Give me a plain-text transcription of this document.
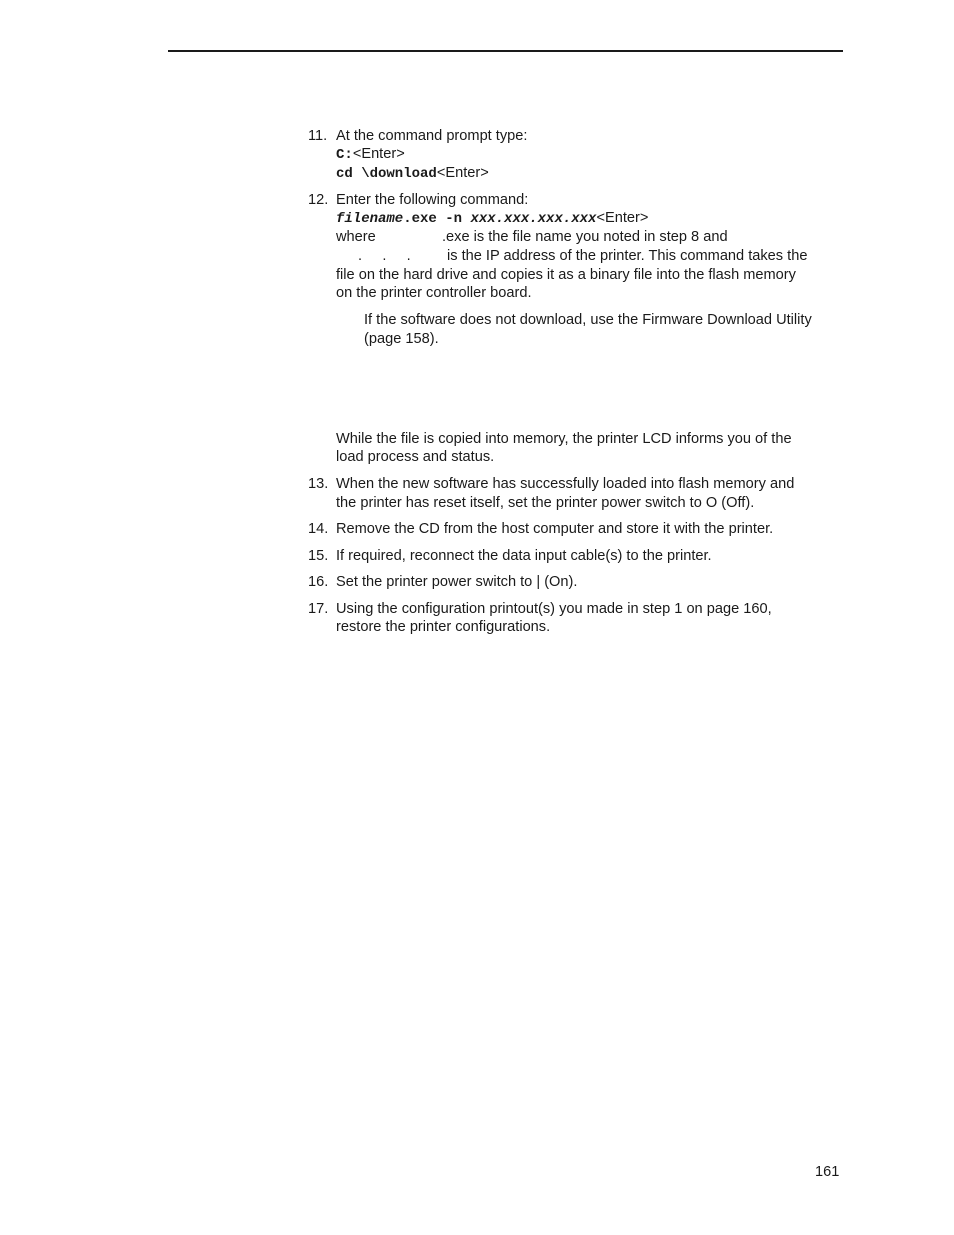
11. At the command prompt type:
C:<Enter>
cd \download<Enter>
12. Enter the following command:
filename.exe -n xxx.xxx.xxx.xxx<Enter>
where	.exe is the file name you noted in step 8 and
.     .     . is the IP address of the printer. This command takes the
file on the hard drive and copies it as a binary file into the flash memory
on the printer controller board.
If the software does not download, use the Firmware Download Utility
(page 158).
While the file is copied into memory, the printer LCD informs you of the
load process and status.
13. When the new software has successfully loaded into flash memory and
the printer has reset itself, set the printer power switch to O (Off).
14. Remove the CD from the host computer and store it with the printer.
15. If required, reconnect the data input cable(s) to the printer.
16. Set the printer power switch to | (On).
17. Using the configuration printout(s) you made in step 1 on page 160,
restore the printer configurations.
161
